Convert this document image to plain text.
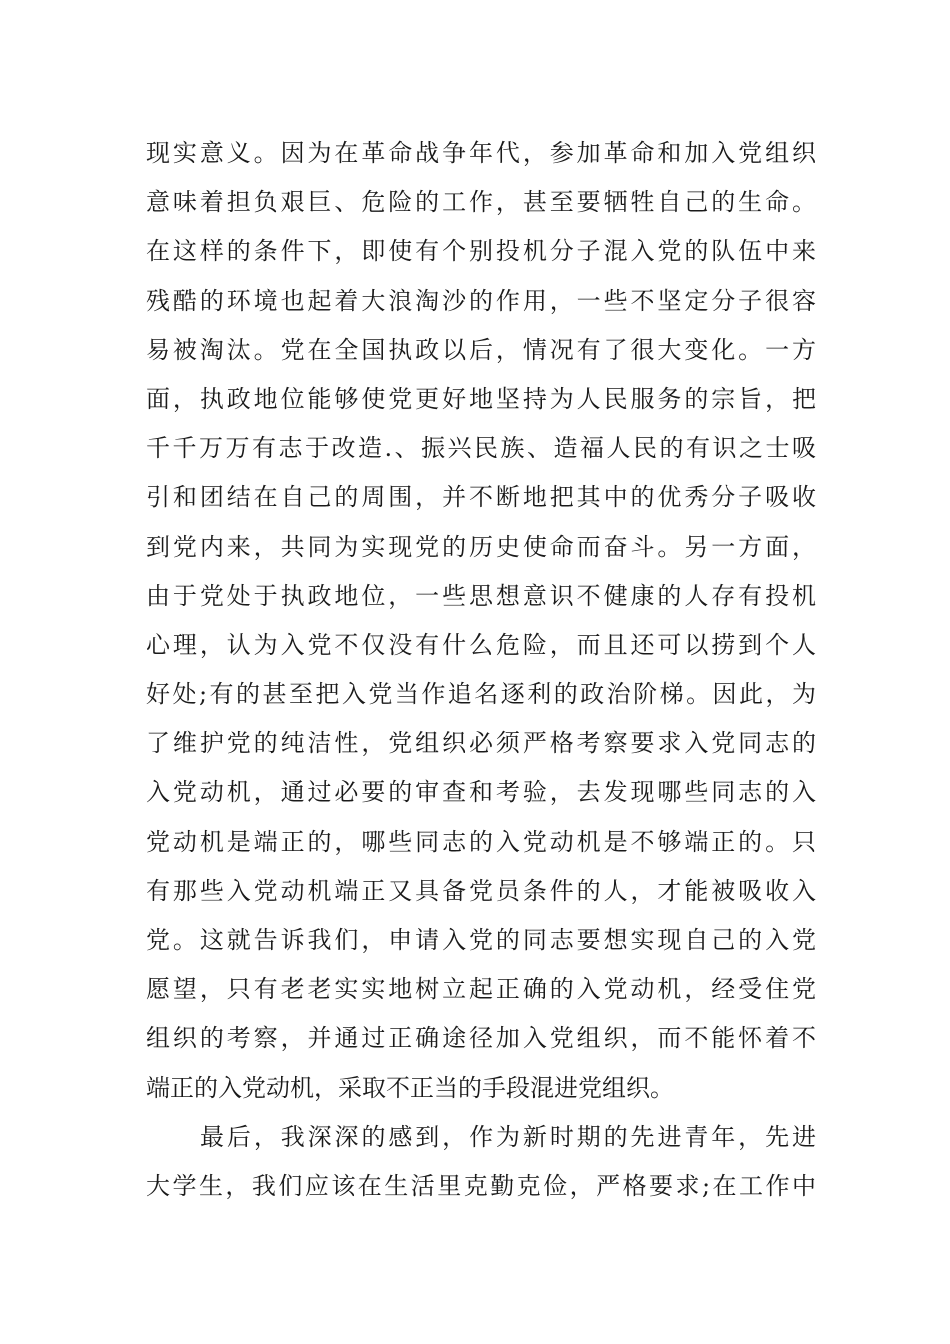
现实意义。因为在革命战争年代，参加革命和加入党组织
意味着担负艰巨、危险的工作，甚至要牺牲自己的生命。
在这样的条件下，即使有个别投机分子混入党的队伍中来
残酷的环境也起着大浪淘沙的作用，一些不坚定分子很容
易被淘汰。党在全国执政以后，情况有了很大变化。一方
面，执政地位能够使党更好地坚持为人民服务的宗旨，把
千千万万有志于改造.、振兴民族、造福人民的有识之士吸
引和团结在自己的周围，并不断地把其中的优秀分子吸收
到党内来，共同为实现党的历史使命而奋斗。另一方面，
由于党处于执政地位，一些思想意识不健康的人存有投机
心理，认为入党不仅没有什么危险，而且还可以捞到个人
好处;有的甚至把入党当作追名逐利的政治阶梯。因此，为
了维护党的纯洁性，党组织必须严格考察要求入党同志的
入党动机，通过必要的审查和考验，去发现哪些同志的入
党动机是端正的，哪些同志的入党动机是不够端正的。只
有那些入党动机端正又具备党员条件的人，才能被吸收入
党。这就告诉我们，申请入党的同志要想实现自己的入党
愿望，只有老老实实地树立起正确的入党动机，经受住党
组织的考察，并通过正确途径加入党组织，而不能怀着不
端正的入党动机，采取不正当的手段混进党组织。
最后，我深深的感到，作为新时期的先进青年，先进
大学生，我们应该在生活里克勤克俭，严格要求;在工作中
